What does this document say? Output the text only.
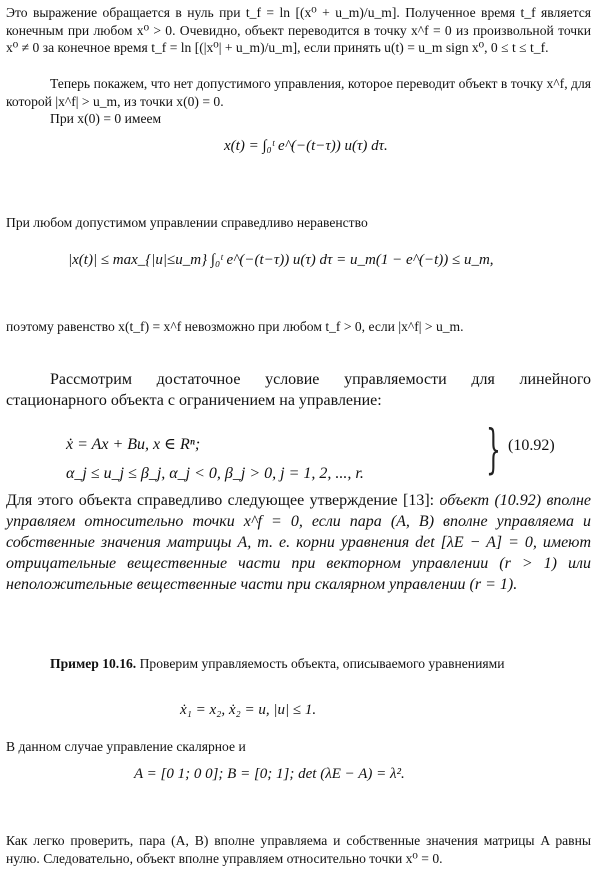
Это выражение обращается в нуль при t_f = ln [(x⁰ + u_m)/u_m]. Полученное время t_f является конечным при любом x⁰ > 0. Очевидно, объект переводится в точку x^f = 0 из произвольной точки x⁰ ≠ 0 за конечное время t_f = ln [(|x⁰| + u_m)/u_m], если принять u(t) = u_m sign x⁰, 0 ≤ t ≤ t_f.

Теперь покажем, что нет допустимого управления, которое переводит объект в точку x^f, для которой |x^f| > u_m, из точки x(0) = 0.

При x(0) = 0 имеем

x(t) = ∫₀ᵗ e^(−(t−τ)) u(τ) dτ.

При любом допустимом управлении справедливо неравенство

|x(t)| ≤ max_{|u|≤u_m} ∫₀ᵗ e^(−(t−τ)) u(τ) dτ = u_m(1 − e^(−t)) ≤ u_m,

поэтому равенство x(t_f) = x^f невозможно при любом t_f > 0, если |x^f| > u_m.

Рассмотрим достаточное условие управляемости для линейного стационарного объекта с ограничением на управление:

ẋ = Ax + Bu, x ∈ Rⁿ;
α_j ≤ u_j ≤ β_j, α_j < 0, β_j > 0, j = 1, 2, ..., r. } (10.92)

Для этого объекта справедливо следующее утверждение [13]: объект (10.92) вполне управляем относительно точки x^f = 0, если пара (A, B) вполне управляема и собственные значения матрицы A, т. е. корни уравнения det [λE − A] = 0, имеют отрицательные вещественные части при векторном управлении (r > 1) или неположительные вещественные части при скалярном управлении (r = 1).

Пример 10.16. Проверим управляемость объекта, описываемого уравнениями

ẋ₁ = x₂, ẋ₂ = u, |u| ≤ 1.

В данном случае управление скалярное и

A = [0 1; 0 0]; B = [0; 1]; det (λE − A) = λ².

Как легко проверить, пара (A, B) вполне управляема и собственные значения матрицы A равны нулю. Следовательно, объект вполне управляем относительно точки x⁰ = 0.
